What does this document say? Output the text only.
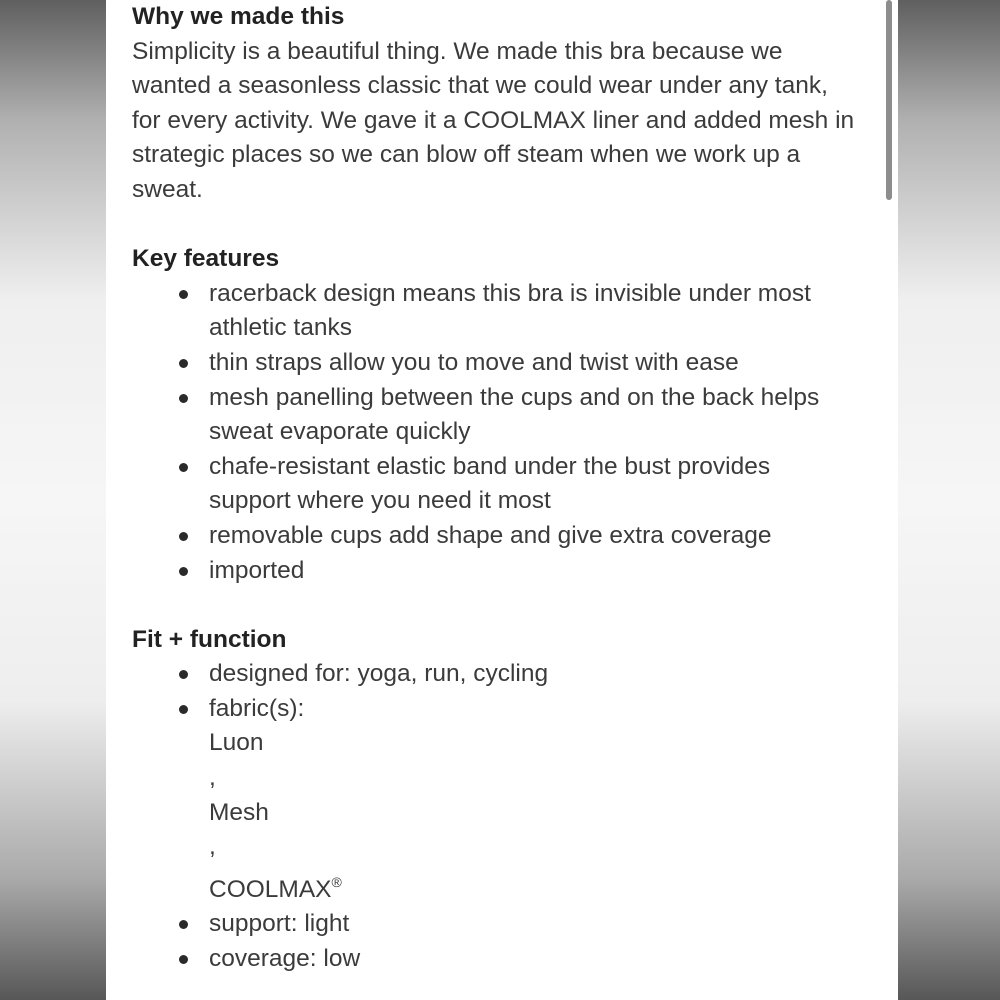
Why we made this

Simplicity is a beautiful thing. We made this bra because we
wanted a seasonless classic that we could wear under any tank,
for every activity. We gave it a COOLMAX liner and added mesh in
strategic places so we can blow off steam when we work up a
sweat.

Key features

racerback design means this bra is invisible under most
athletic tanks
thin straps allow you to move and twist with ease
mesh panelling between the cups and on the back helps
sweat evaporate quickly
chafe-resistant elastic band under the bust provides
support where you need it most
removable cups add shape and give extra coverage
imported

Fit + function

designed for: yoga, run, cycling
fabric(s):
Luon
,
Mesh
,
COOLMAX®
support: light
coverage: low
